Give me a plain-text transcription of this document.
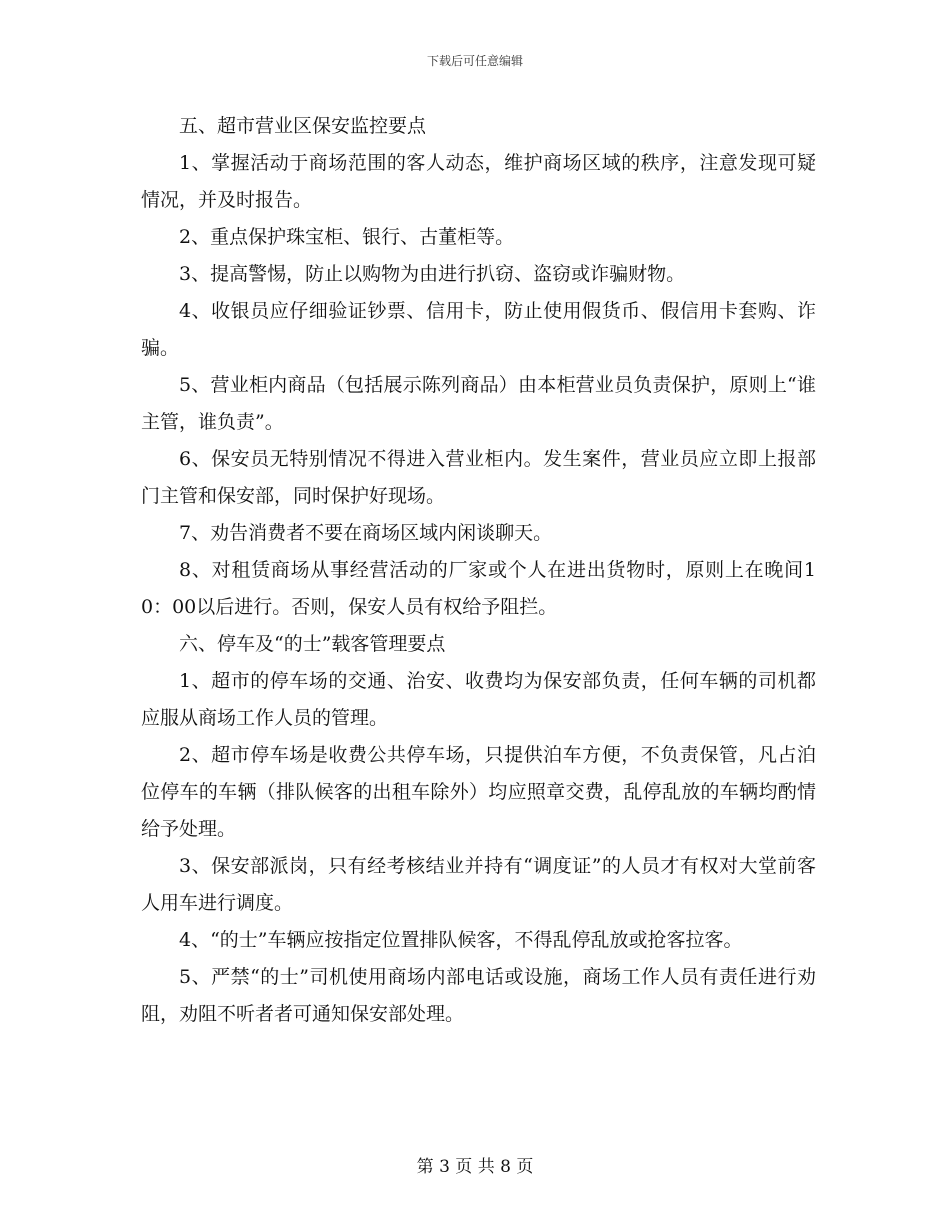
下载后可任意编辑

五、超市营业区保安监控要点

1、掌握活动于商场范围的客人动态，维护商场区域的秩序，注意发现可疑情况，并及时报告。

2、重点保护珠宝柜、银行、古董柜等。

3、提高警惕，防止以购物为由进行扒窃、盗窃或诈骗财物。

4、收银员应仔细验证钞票、信用卡，防止使用假货币、假信用卡套购、诈骗。

5、营业柜内商品（包括展示陈列商品）由本柜营业员负责保护，原则上“谁主管，谁负责”。

6、保安员无特别情况不得进入营业柜内。发生案件，营业员应立即上报部门主管和保安部，同时保护好现场。

7、劝告消费者不要在商场区域内闲谈聊天。

8、对租赁商场从事经营活动的厂家或个人在进出货物时，原则上在晚间10：00以后进行。否则，保安人员有权给予阻拦。

六、停车及“的士”载客管理要点

1、超市的停车场的交通、治安、收费均为保安部负责，任何车辆的司机都应服从商场工作人员的管理。

2、超市停车场是收费公共停车场，只提供泊车方便，不负责保管，凡占泊位停车的车辆（排队候客的出租车除外）均应照章交费，乱停乱放的车辆均酌情给予处理。

3、保安部派岗，只有经考核结业并持有“调度证”的人员才有权对大堂前客人用车进行调度。

4、“的士”车辆应按指定位置排队候客，不得乱停乱放或抢客拉客。

5、严禁“的士”司机使用商场内部电话或设施，商场工作人员有责任进行劝阻，劝阻不听者者可通知保安部处理。

第 3 页 共 8 页
